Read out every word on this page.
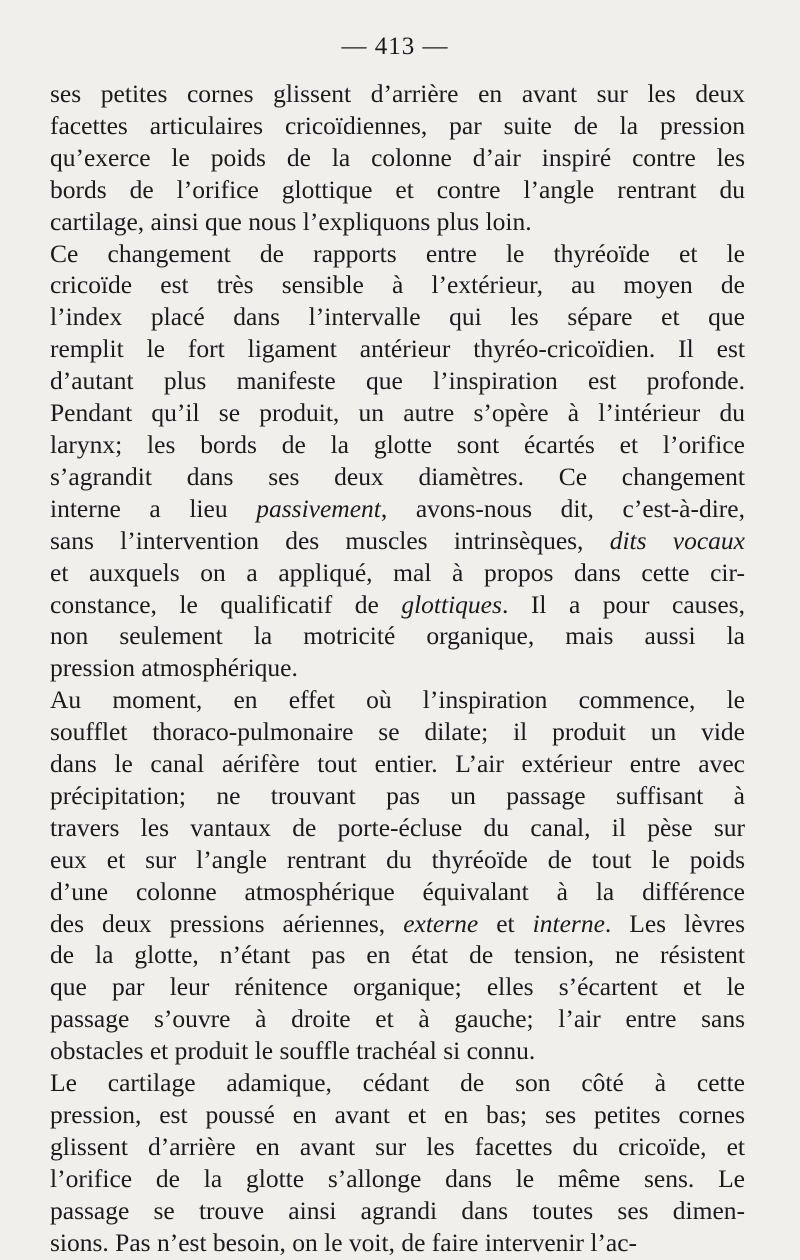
— 413 —
ses petites cornes glissent d’arrière en avant sur les deux
facettes articulaires cricoïdiennes, par suite de la pression
qu’exerce le poids de la colonne d’air inspiré contre les
bords de l’orifice glottique et contre l’angle rentrant du
cartilage, ainsi que nous l’expliquons plus loin.
Ce changement de rapports entre le thyréoïde et le
cricoïde est très sensible à l’extérieur, au moyen de
l’index placé dans l’intervalle qui les sépare et que
remplit le fort ligament antérieur thyréo-cricoïdien. Il est
d’autant plus manifeste que l’inspiration est profonde.
Pendant qu’il se produit, un autre s’opère à l’intérieur du
larynx; les bords de la glotte sont écartés et l’orifice
s’agrandit dans ses deux diamètres. Ce changement
interne a lieu passivement, avons-nous dit, c’est-à-dire,
sans l’intervention des muscles intrinsèques, dits vocaux
et auxquels on a appliqué, mal à propos dans cette cir-
constance, le qualificatif de glottiques. Il a pour causes,
non seulement la motricité organique, mais aussi la
pression atmosphérique.
Au moment, en effet où l’inspiration commence, le
soufflet thoraco-pulmonaire se dilate; il produit un vide
dans le canal aérifère tout entier. L’air extérieur entre avec
précipitation; ne trouvant pas un passage suffisant à
travers les vantaux de porte-écluse du canal, il pèse sur
eux et sur l’angle rentrant du thyréoïde de tout le poids
d’une colonne atmosphérique équivalant à la différence
des deux pressions aériennes, externe et interne. Les lèvres
de la glotte, n’étant pas en état de tension, ne résistent
que par leur rénitence organique; elles s’écartent et le
passage s’ouvre à droite et à gauche; l’air entre sans
obstacles et produit le souffle trachéal si connu.
Le cartilage adamique, cédant de son côté à cette
pression, est poussé en avant et en bas; ses petites cornes
glissent d’arrière en avant sur les facettes du cricoïde, et
l’orifice de la glotte s’allonge dans le même sens. Le
passage se trouve ainsi agrandi dans toutes ses dimen-
sions. Pas n’est besoin, on le voit, de faire intervenir l’ac-
